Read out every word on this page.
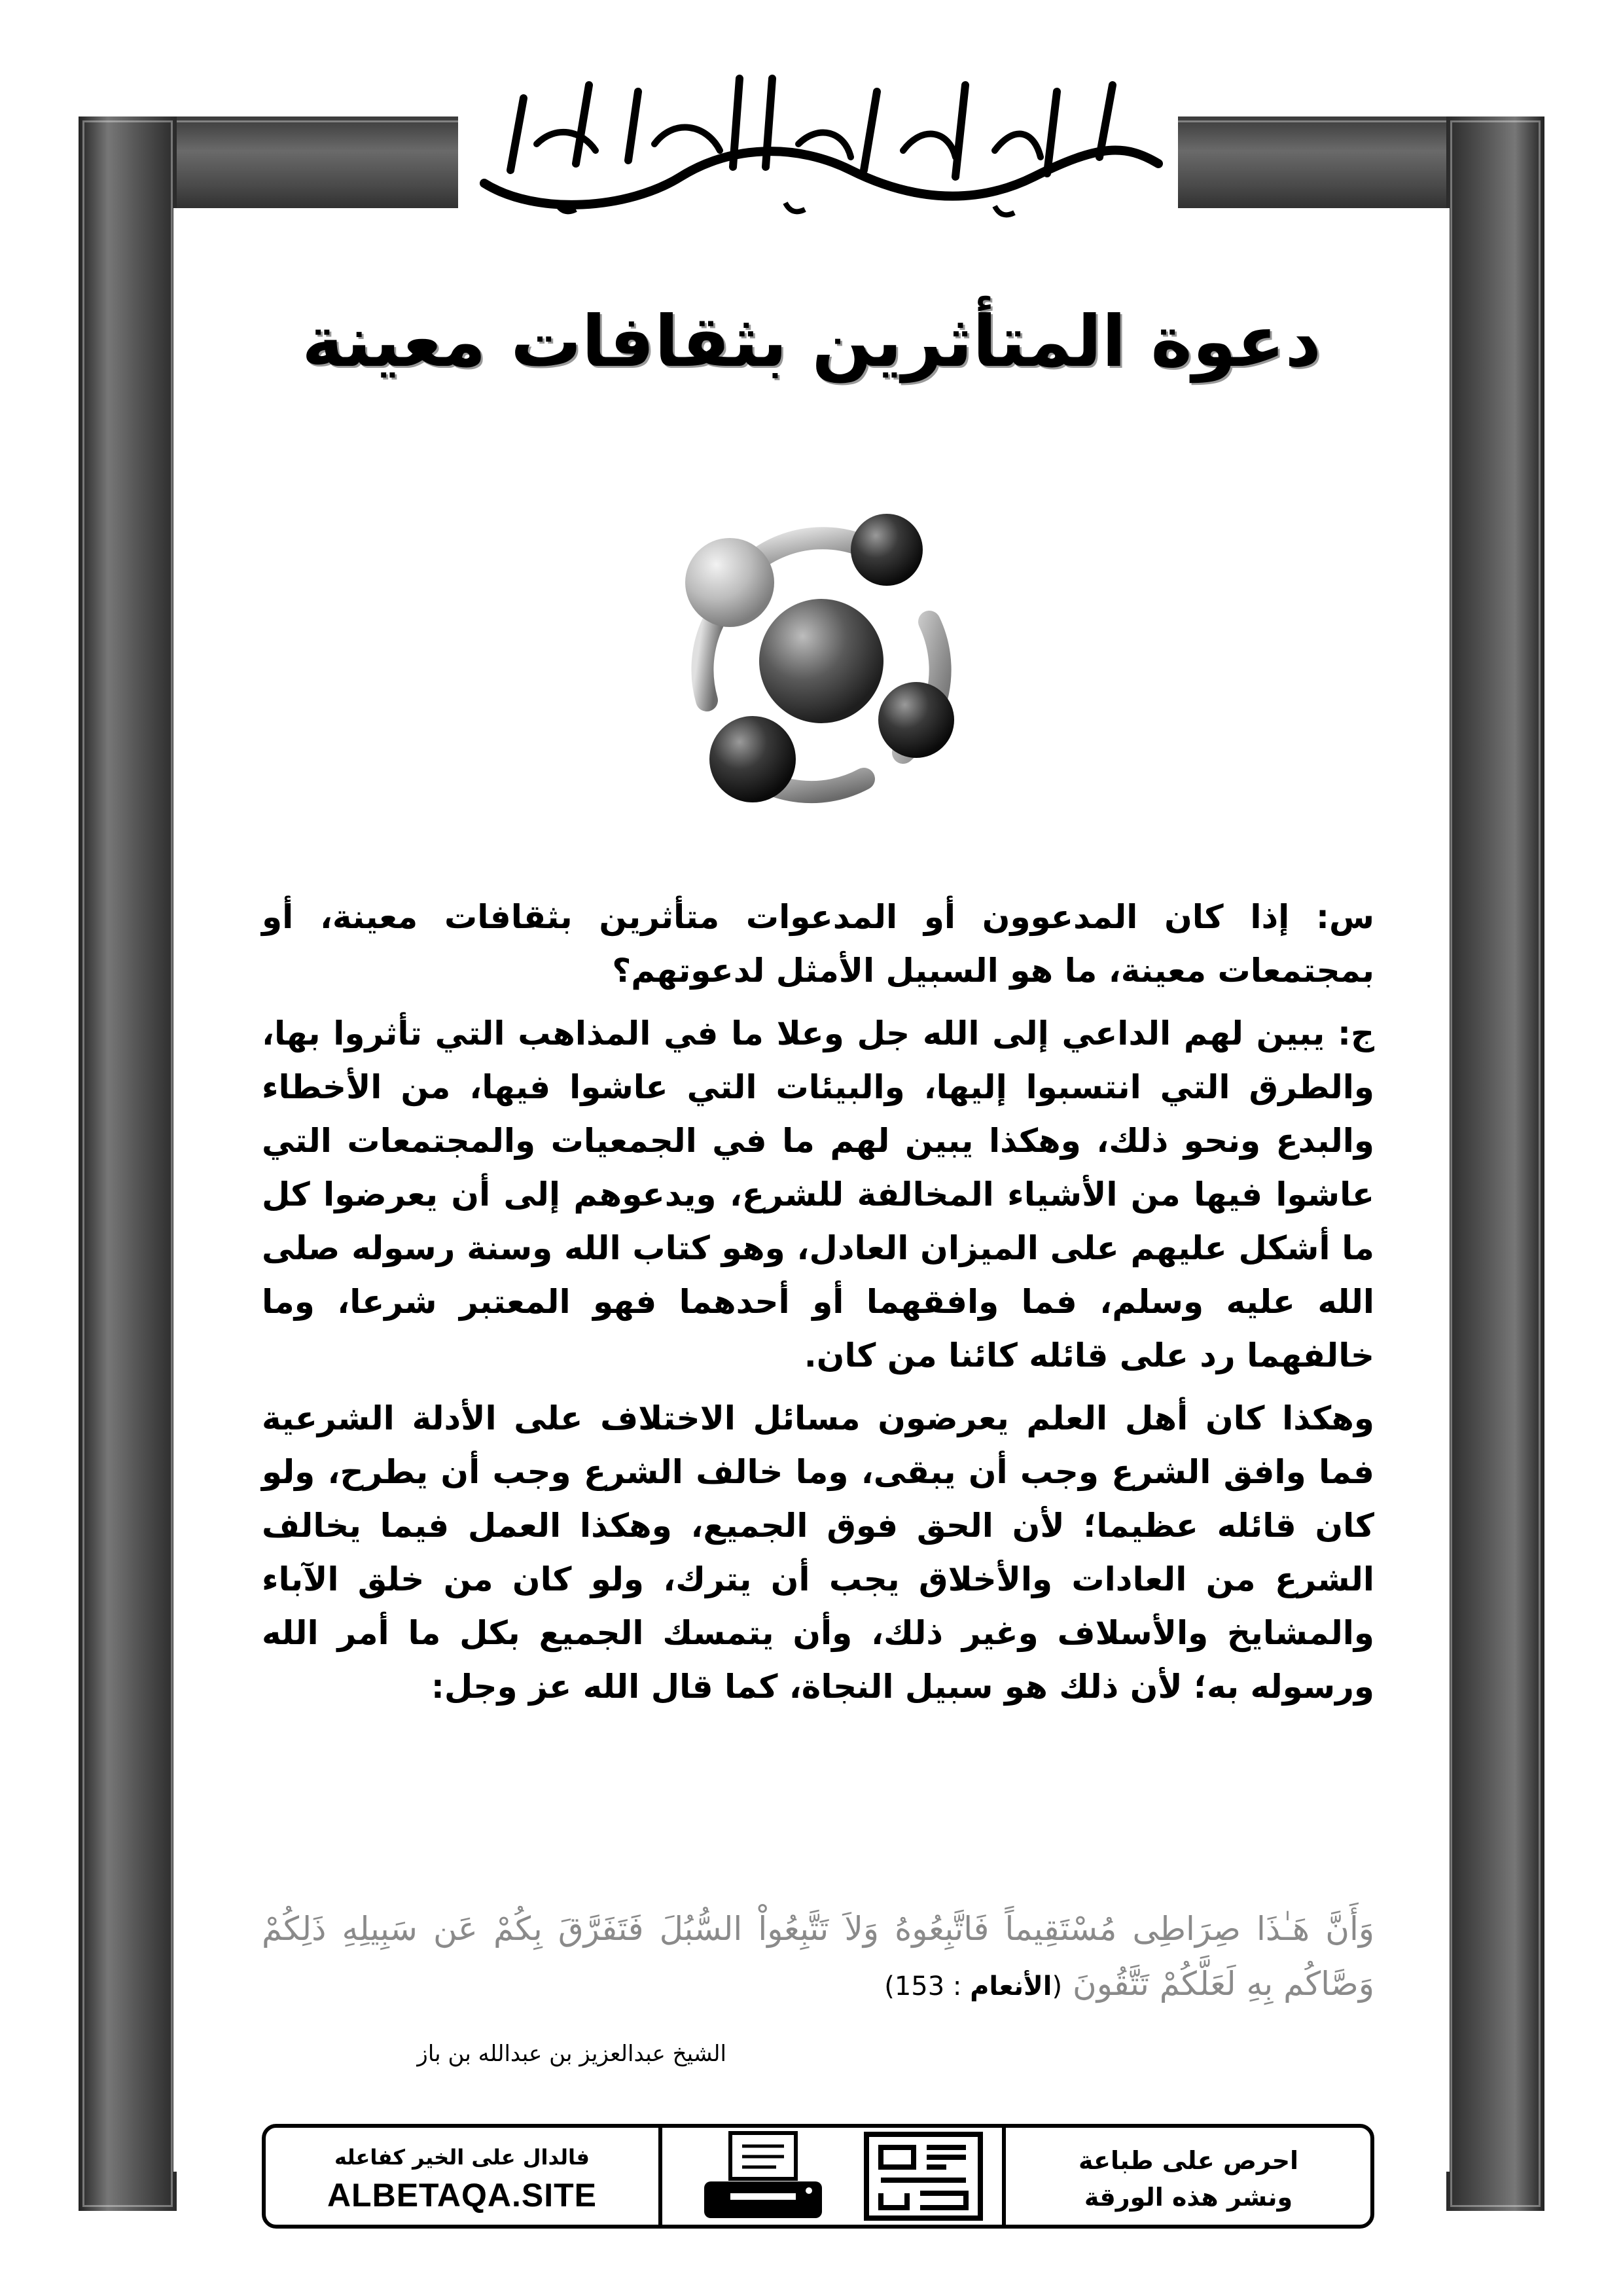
دعوة المتأثرين بثقافات معينة

س: إذا كان المدعوون أو المدعوات متأثرين بثقافات معينة، أو بمجتمعات معينة، ما هو السبيل الأمثل لدعوتهم؟

ج: يبين لهم الداعي إلى الله جل وعلا ما في المذاهب التي تأثروا بها، والطرق التي انتسبوا إليها، والبيئات التي عاشوا فيها، من الأخطاء والبدع ونحو ذلك، وهكذا يبين لهم ما في الجمعيات والمجتمعات التي عاشوا فيها من الأشياء المخالفة للشرع، ويدعوهم إلى أن يعرضوا كل ما أشكل عليهم على الميزان العادل، وهو كتاب الله وسنة رسوله صلى الله عليه وسلم، فما وافقهما أو أحدهما فهو المعتبر شرعا، وما خالفهما رد على قائله كائنا من كان.

وهكذا كان أهل العلم يعرضون مسائل الاختلاف على الأدلة الشرعية فما وافق الشرع وجب أن يبقى، وما خالف الشرع وجب أن يطرح، ولو كان قائله عظيما؛ لأن الحق فوق الجميع، وهكذا العمل فيما يخالف الشرع من العادات والأخلاق يجب أن يترك، ولو كان من خلق الآباء والمشايخ والأسلاف وغير ذلك، وأن يتمسك الجميع بكل ما أمر الله ورسوله به؛ لأن ذلك هو سبيل النجاة، كما قال الله عز وجل:

وَأَنَّ هَـٰذَا صِرَاطِى مُسْتَقِيماً فَاتَّبِعُوهُ وَلاَ تَتَّبِعُواْ السُّبُلَ فَتَفَرَّقَ بِكُمْ عَن سَبِيلِهِ ذَلِكُمْ وَصَّاكُم بِهِ لَعَلَّكُمْ تَتَّقُونَ (الأنعام : 153)
الشيخ عبدالعزيز بن عبدالله بن باز
فالدال على الخير كفاعله
ALBETAQA.SITE
احرص على طباعة
ونشر هذه الورقة
